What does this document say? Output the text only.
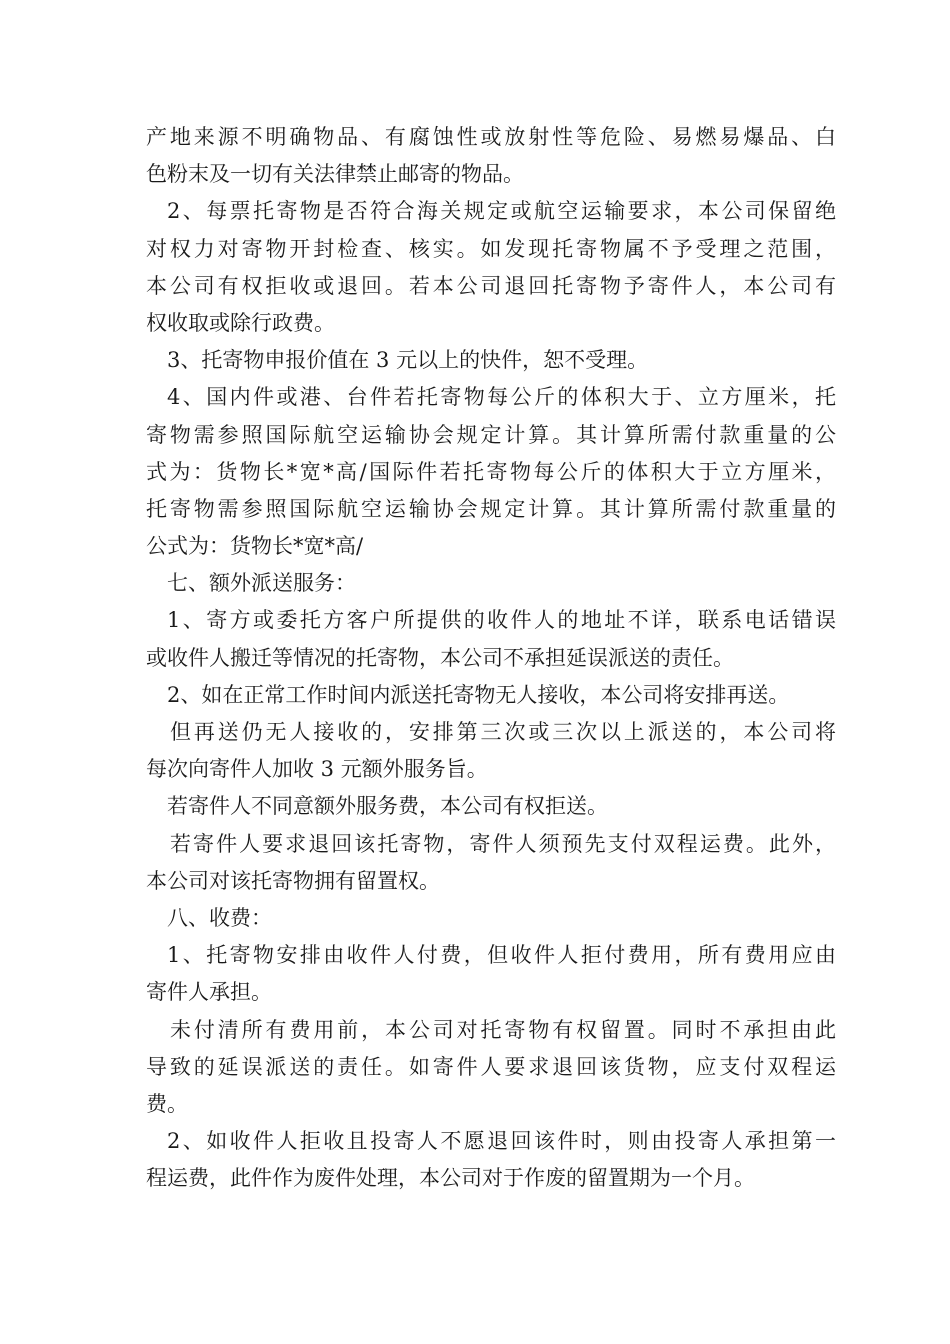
产地来源不明确物品、有腐蚀性或放射性等危险、易燃易爆品、白
色粉末及一切有关法律禁止邮寄的物品。
2、每票托寄物是否符合海关规定或航空运输要求，本公司保留绝
对权力对寄物开封检查、核实。如发现托寄物属不予受理之范围，
本公司有权拒收或退回。若本公司退回托寄物予寄件人，本公司有
权收取或除行政费。
3、托寄物申报价值在 3 元以上的快件，恕不受理。
4、国内件或港、台件若托寄物每公斤的体积大于、立方厘米，托
寄物需参照国际航空运输协会规定计算。其计算所需付款重量的公
式为：货物长*宽*高/国际件若托寄物每公斤的体积大于立方厘米，
托寄物需参照国际航空运输协会规定计算。其计算所需付款重量的
公式为：货物长*宽*高/
七、额外派送服务：
1、寄方或委托方客户所提供的收件人的地址不详，联系电话错误
或收件人搬迁等情况的托寄物，本公司不承担延误派送的责任。
2、如在正常工作时间内派送托寄物无人接收，本公司将安排再送。
但再送仍无人接收的，安排第三次或三次以上派送的，本公司将
每次向寄件人加收 3 元额外服务旨。
若寄件人不同意额外服务费，本公司有权拒送。
若寄件人要求退回该托寄物，寄件人须预先支付双程运费。此外，
本公司对该托寄物拥有留置权。
八、收费：
1、托寄物安排由收件人付费，但收件人拒付费用，所有费用应由
寄件人承担。
未付清所有费用前，本公司对托寄物有权留置。同时不承担由此
导致的延误派送的责任。如寄件人要求退回该货物，应支付双程运
费。
2、如收件人拒收且投寄人不愿退回该件时，则由投寄人承担第一
程运费，此件作为废件处理，本公司对于作废的留置期为一个月。
